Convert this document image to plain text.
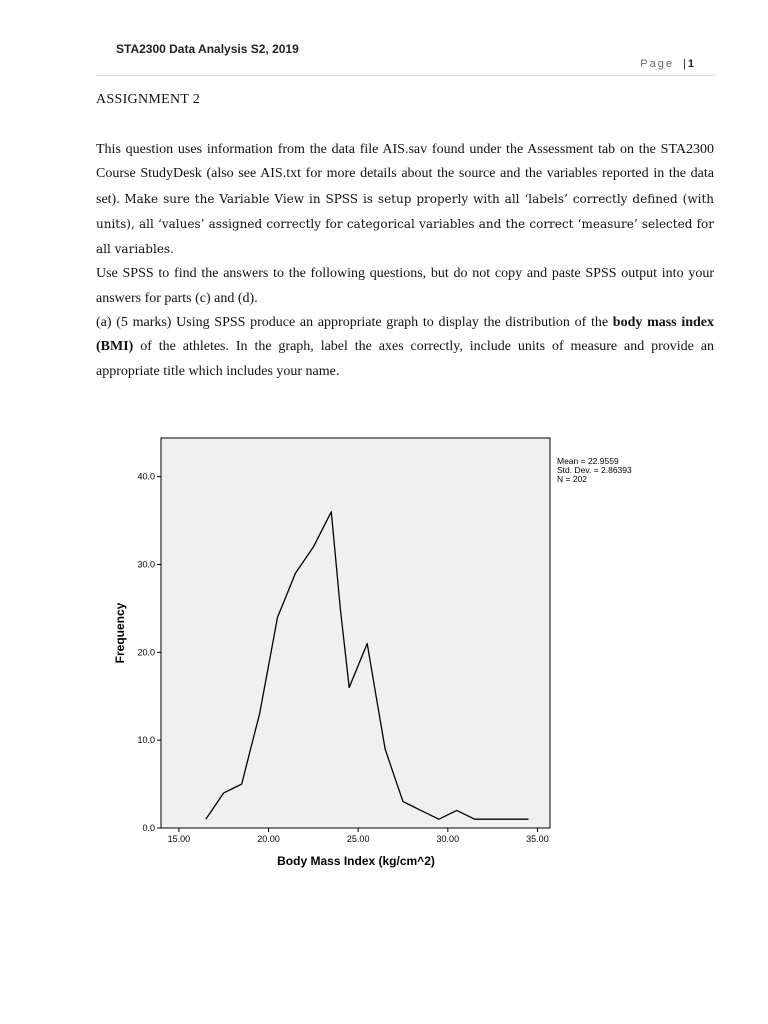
STA2300 Data Analysis S2, 2019
Page |1
ASSIGNMENT 2

This question uses information from the data file AIS.sav found under the Assessment tab on the STA2300 Course StudyDesk (also see AIS.txt for more details about the source and the variables reported in the data set). Make sure the Variable View in SPSS is setup properly with all ‘labels’ correctly defined (with units), all ‘values’ assigned correctly for categorical variables and the correct ‘measure’ selected for all variables.

Use SPSS to find the answers to the following questions, but do not copy and paste SPSS output into your answers for parts (c) and (d).

(a) (5 marks) Using SPSS produce an appropriate graph to display the distribution of the body mass index (BMI) of the athletes. In the graph, label the axes correctly, include units of measure and provide an appropriate title which includes your name.

0.0
10.0
20.0
30.0
40.0
15.00	20.00	25.00	30.00	35.00
Mean = 22.9559
Std. Dev. = 2.86393
N = 202
Body Mass Index (kg/cm^2)
Frequency
